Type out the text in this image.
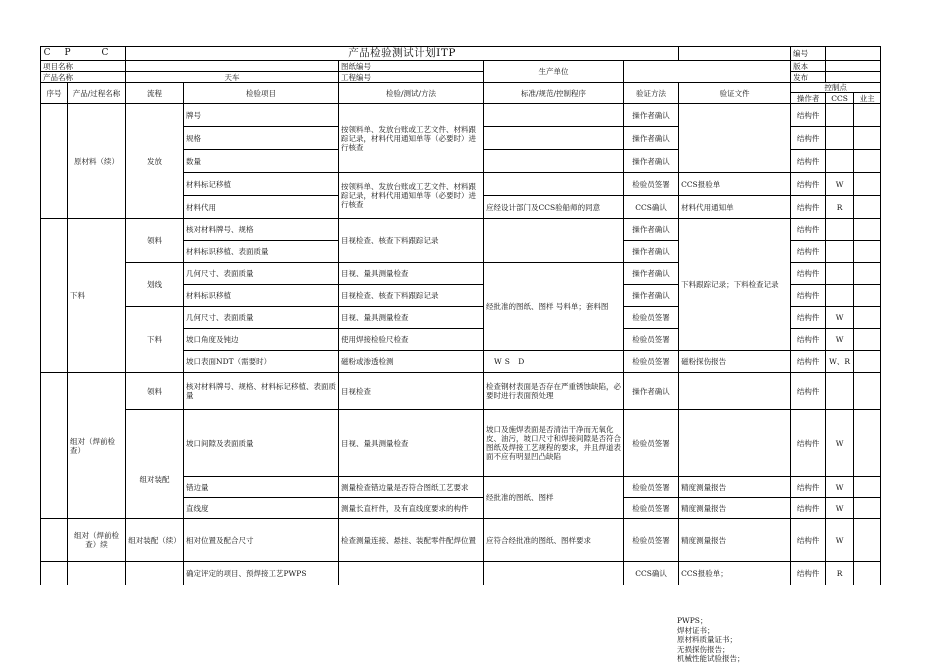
CP C		产品检验测试计划ITP						编号		
项目名称				图纸编号	生产单位			版本		
产品名称		天车		工程编号				发布		
序号	产品/过程名称	流程	检验项目	检验/测试/方法	标准/规范/控制程序	验证方法	验证文件	控制点		
								操作者	CCS	业主
	原材料（续）	发放	牌号	按领料单、发放台账或工艺文件、材料跟踪记录，材料代用通知单等（必要时）进行核查		操作者确认		结构件		
			规格			操作者确认		结构件		
			数量			操作者确认		结构件		
			材料标记移植	按领料单、发放台账或工艺文件、材料跟踪记录，材料代用通知单等（必要时）进行核查		检验员签署	CCS报验单	结构件	W	
			材料代用		应经设计部门及CCS验船师的同意	CCS确认	材料代用通知单	结构件	R	
	下料	领料	核对材料牌号、规格	目视检查、核查下料跟踪记录		操作者确认	下料跟踪记录；下料检查记录	结构件		
			材料标识移植、表面质量			操作者确认		结构件		
		划线	几何尺寸、表面质量	目视、量具测量检查	经批准的图纸、图样 号料单；套料图	操作者确认		结构件		
			材料标识移植	目视检查、核查下料跟踪记录		操作者确认		结构件		
		下料	几何尺寸、表面质量	目视、量具测量检查		检验员签署		结构件	W	
			坡口角度及钝边	使用焊接检验尺检查		检验员签署		结构件	W	
			坡口表面NDT（需要时）	磁粉或渗透检测	WS D	检验员签署	磁粉探伤报告	结构件	W、R	
	组对（焊前检查）	领料	核对材料牌号、规格、材料标记移植、表面质量	目视检查	检查钢材表面是否存在严重锈蚀缺陷，必要时进行表面预处理	操作者确认		结构件		
		组对装配	坡口间隙及表面质量	目视、量具测量检查	坡口及施焊表面是否清洁干净而无氧化皮、油污，坡口尺寸和焊接间隙是否符合图纸及焊接工艺规程的要求，并且焊道表面不应有明显凹凸缺陷	检验员签署		结构件	W	
			错边量	测量检查错边量是否符合图纸工艺要求	经批准的图纸、图样	检验员签署	精度测量报告	结构件	W	
			直线度	测量长直杆件，及有直线度要求的构件		检验员签署	精度测量报告	结构件	W	
	组对（焊前检查）续	组对装配（续）	相对位置及配合尺寸	检查测量连接、悬挂、装配零件配焊位置	应符合经批准的图纸、图样要求	检验员签署	精度测量报告	结构件	W	
			确定评定的项目、预焊接工艺PWPS			CCS确认	CCS报验单；	结构件	R	
PWPS；
焊材证书；
原材料质量证书；
无损探伤报告；
机械性能试验报告；
